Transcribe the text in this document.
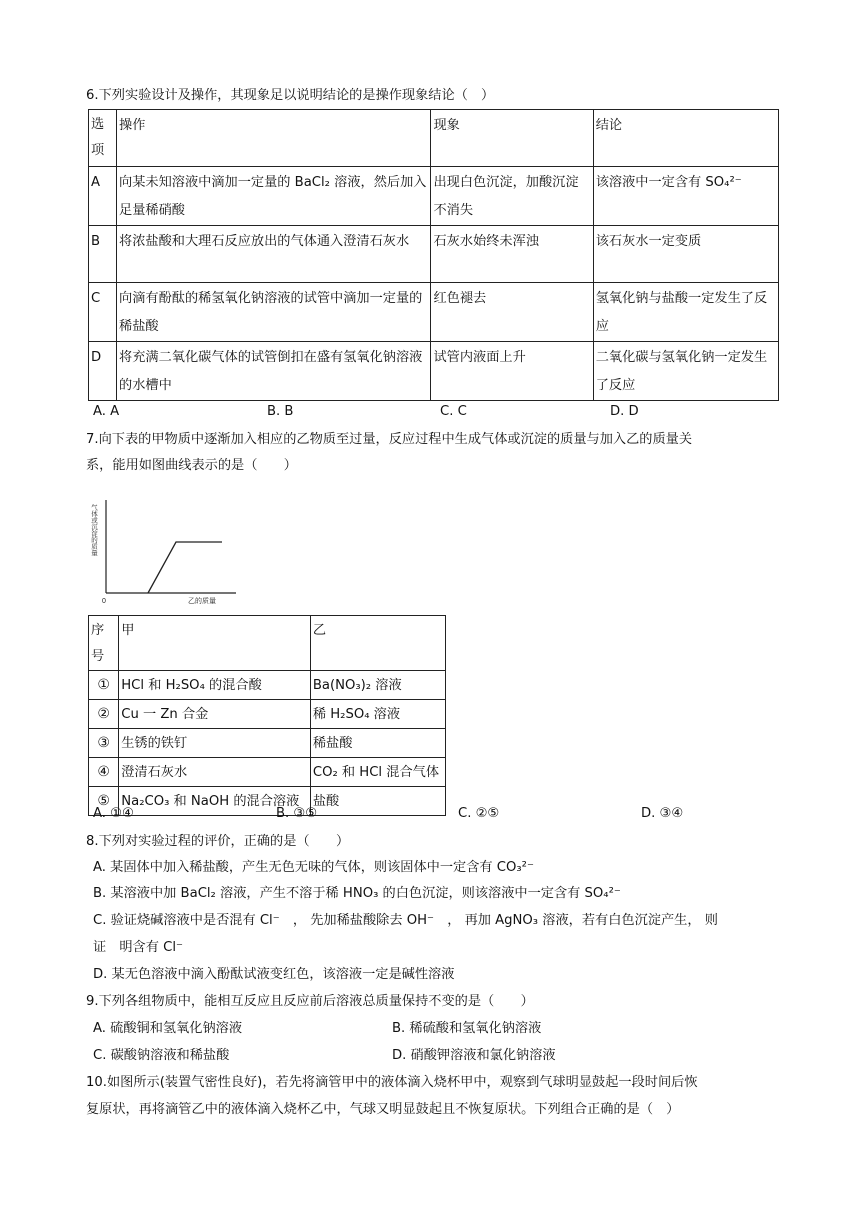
6.下列实验设计及操作，其现象足以说明结论的是操作现象结论（　）
选项	操作	现象	结论
A	向某未知溶液中滴加一定量的 BaCl₂ 溶液，然后加入足量稀硝酸	出现白色沉淀，加酸沉淀不消失	该溶液中一定含有 SO₄²⁻
B	将浓盐酸和大理石反应放出的气体通入澄清石灰水	石灰水始终未浑浊	该石灰水一定变质
C	向滴有酚酞的稀氢氧化钠溶液的试管中滴加一定量的稀盐酸	红色褪去	氢氧化钠与盐酸一定发生了反应
D	将充满二氧化碳气体的试管倒扣在盛有氢氧化钠溶液的水槽中	试管内液面上升	二氧化碳与氢氧化钠一定发生了反应
A. A	B. B	C. C	D. D
7.向下表的甲物质中逐渐加入相应的乙物质至过量，反应过程中生成气体或沉淀的质量与加入乙的质量关
系，能用如图曲线表示的是（　　）
0	乙的质量
气体或沉淀的质量
序号	甲	乙
①	HCl 和 H₂SO₄ 的混合酸	Ba(NO₃)₂ 溶液
②	Cu 一 Zn 合金	稀 H₂SO₄ 溶液
③	生锈的铁钉	稀盐酸
④	澄清石灰水	CO₂ 和 HCl 混合气体
⑤	Na₂CO₃ 和 NaOH 的混合溶液	盐酸
A. ①④	B. ③⑤	C. ②⑤	D. ③④
8.下列对实验过程的评价，正确的是（　　）
A. 某固体中加入稀盐酸，产生无色无味的气体，则该固体中一定含有 CO₃²⁻
B. 某溶液中加 BaCl₂ 溶液，产生不溶于稀 HNO₃ 的白色沉淀，则该溶液中一定含有 SO₄²⁻
C. 验证烧碱溶液中是否混有 Cl⁻　， 先加稀盐酸除去 OH⁻　， 再加 AgNO₃ 溶液，若有白色沉淀产生， 则
证　明含有 Cl⁻
D. 某无色溶液中滴入酚酞试液变红色，该溶液一定是碱性溶液
9.下列各组物质中，能相互反应且反应前后溶液总质量保持不变的是（　　）
A. 硫酸铜和氢氧化钠溶液	B. 稀硫酸和氢氧化钠溶液
C. 碳酸钠溶液和稀盐酸	D. 硝酸钾溶液和氯化钠溶液
10.如图所示(装置气密性良好)，若先将滴管甲中的液体滴入烧杯甲中，观察到气球明显鼓起一段时间后恢
复原状，再将滴管乙中的液体滴入烧杯乙中，气球又明显鼓起且不恢复原状。下列组合正确的是（　）
